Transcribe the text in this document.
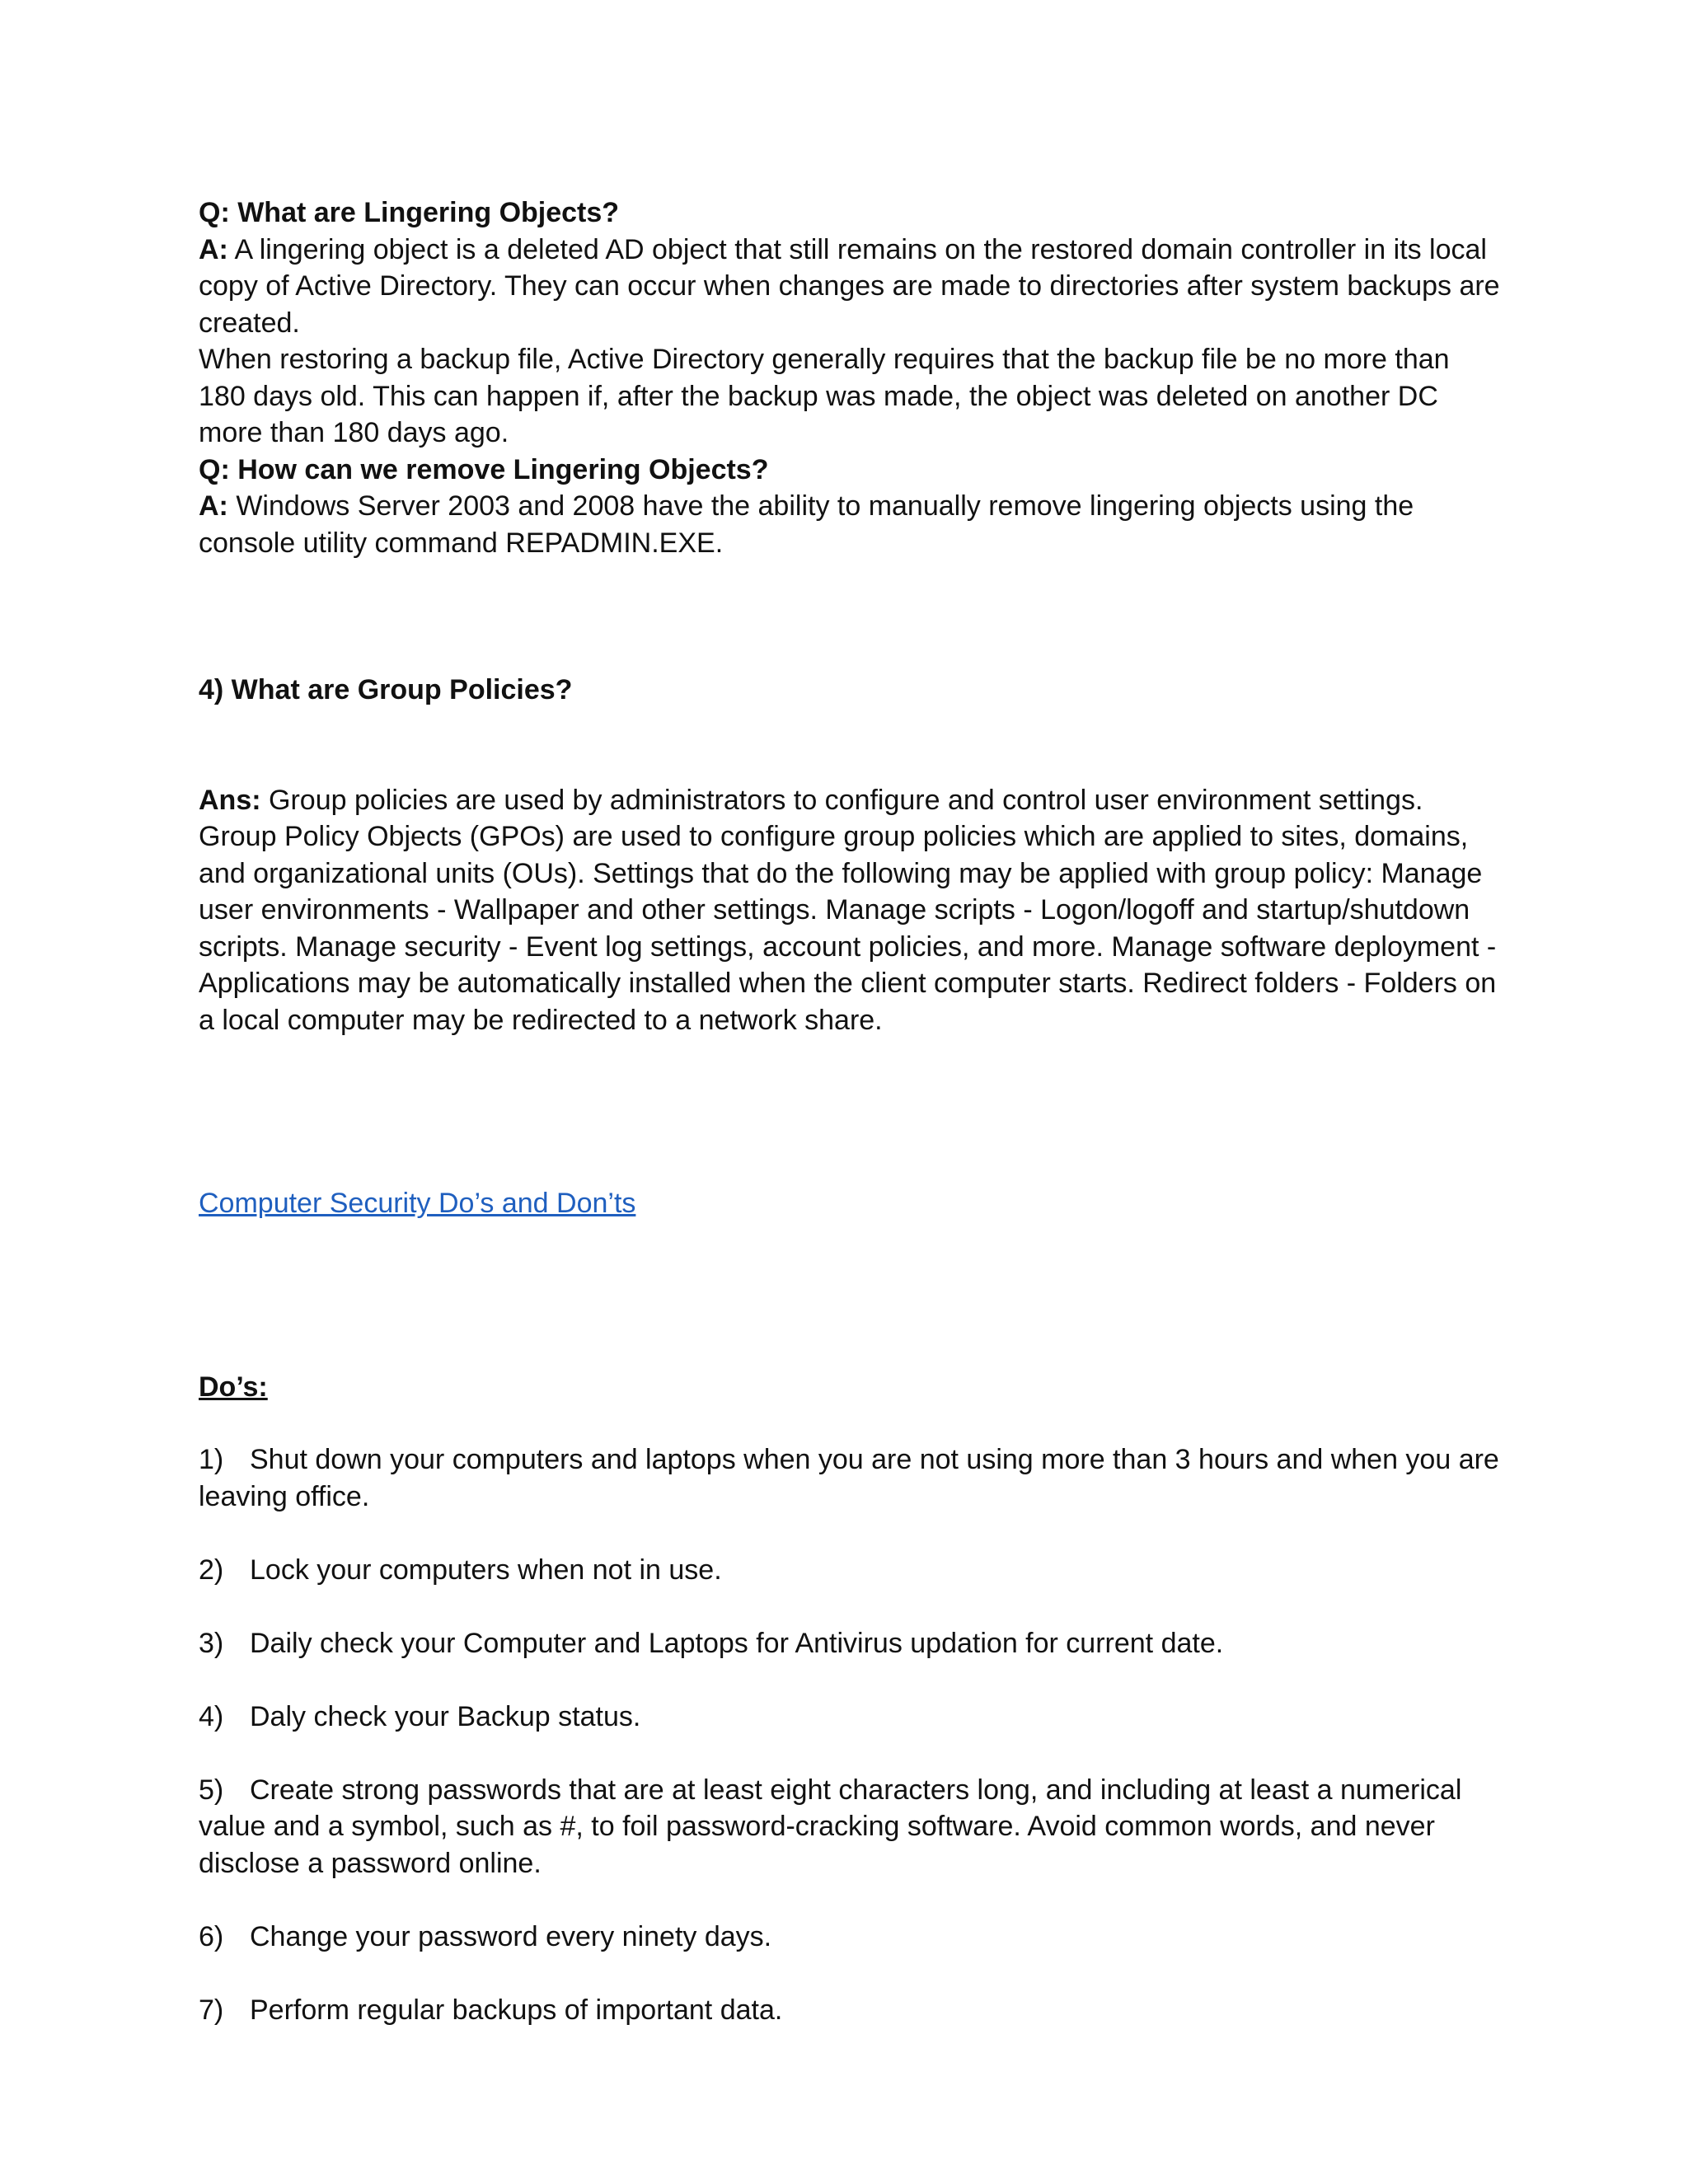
Q: What are Lingering Objects?

A: A lingering object is a deleted AD object that still remains on the restored domain controller in its local copy of Active Directory. They can occur when changes are made to directories after system backups are created.

When restoring a backup file, Active Directory generally requires that the backup file be no more than 180 days old. This can happen if, after the backup was made, the object was deleted on another DC more than 180 days ago.

Q: How can we remove Lingering Objects?

A: Windows Server 2003 and 2008 have the ability to manually remove lingering objects using the console utility command REPADMIN.EXE.

4) What are Group Policies?

Ans: Group policies are used by administrators to configure and control user environment settings. Group Policy Objects (GPOs) are used to configure group policies which are applied to sites, domains, and organizational units (OUs). Settings that do the following may be applied with group policy: Manage user environments - Wallpaper and other settings. Manage scripts - Logon/logoff and startup/shutdown scripts. Manage security - Event log settings, account policies, and more. Manage software deployment - Applications may be automatically installed when the client computer starts. Redirect folders - Folders on a local computer may be redirected to a network share.

Computer Security Do’s and Don’ts

Do’s:

1) Shut down your computers and laptops when you are not using more than 3 hours and when you are leaving office.

2) Lock your computers when not in use.

3) Daily check your Computer and Laptops for Antivirus updation for current date.

4) Daly check your Backup status.

5) Create strong passwords that are at least eight characters long, and including at least a numerical value and a symbol, such as #, to foil password-cracking software. Avoid common words, and never disclose a password online.

6) Change your password every ninety days.

7) Perform regular backups of important data.
